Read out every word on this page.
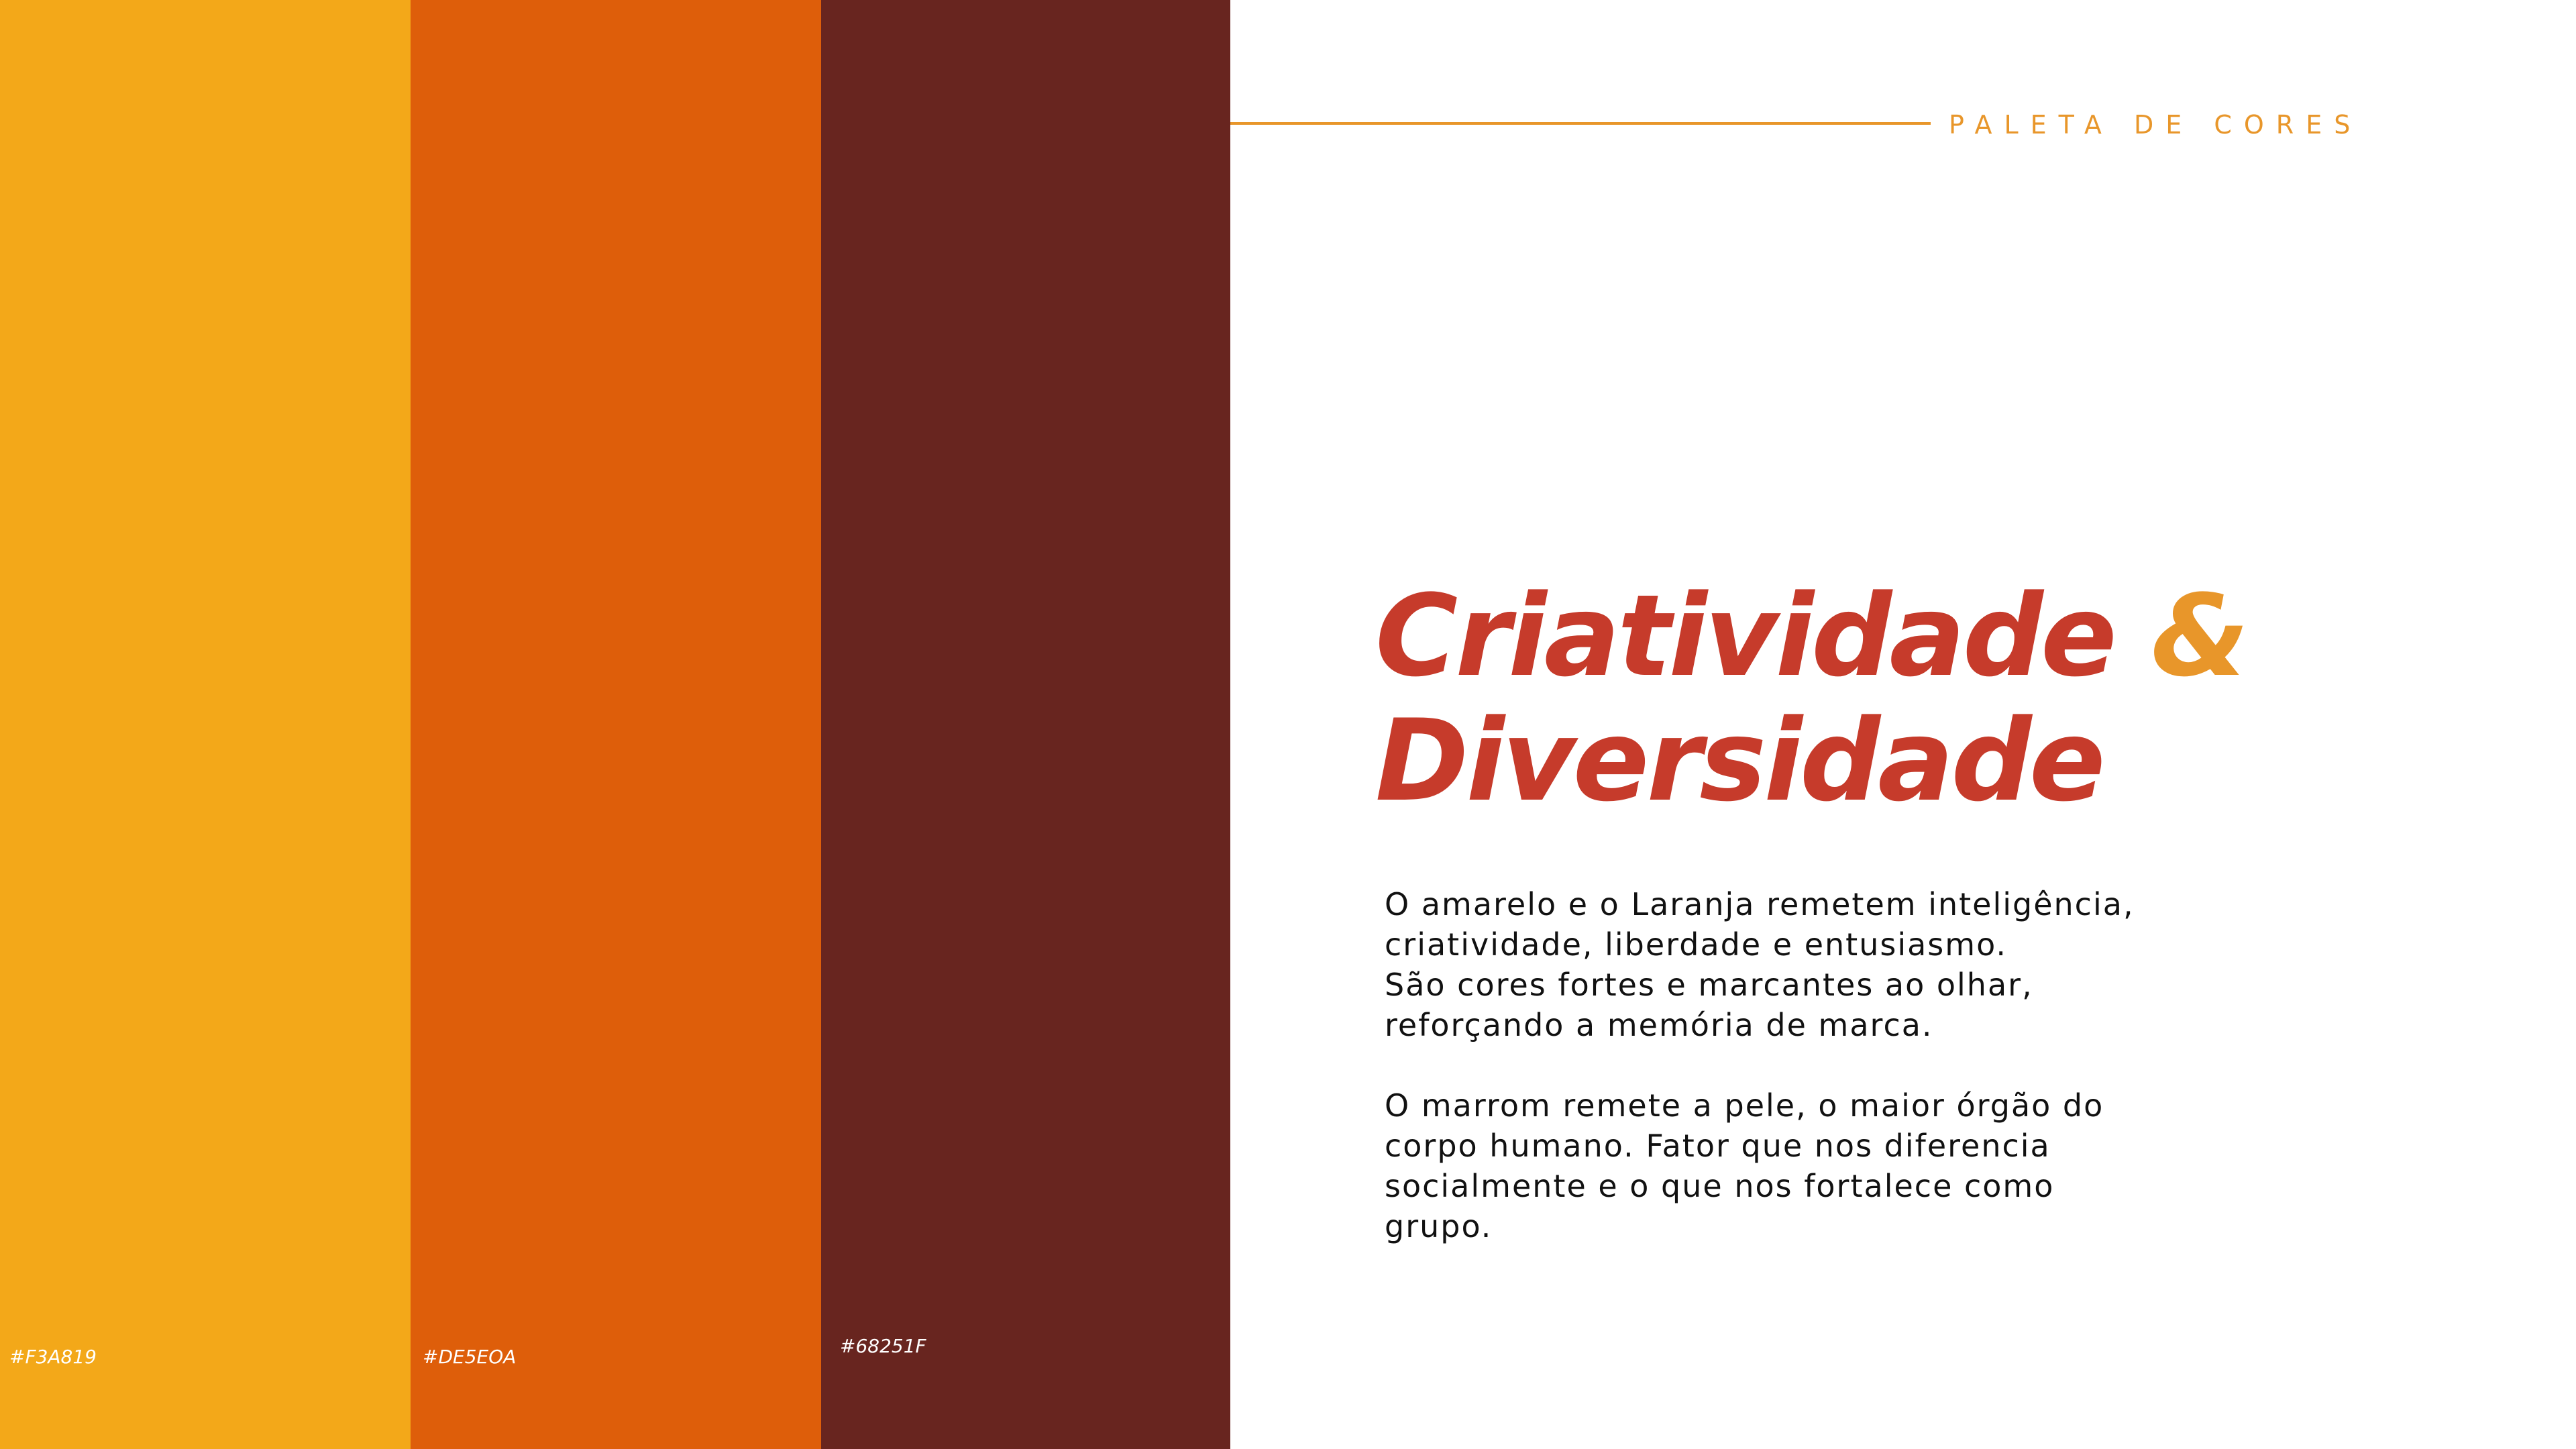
#F3A819	#DE5EOA	#68251F
PALETA DE CORES
Criatividade &
Diversidade

O amarelo e o Laranja remetem inteligência,
criatividade, liberdade e entusiasmo.
São cores fortes e marcantes ao olhar,
reforçando a memória de marca.

O marrom remete a pele, o maior órgão do
corpo humano. Fator que nos diferencia
socialmente e o que nos fortalece como
grupo.
